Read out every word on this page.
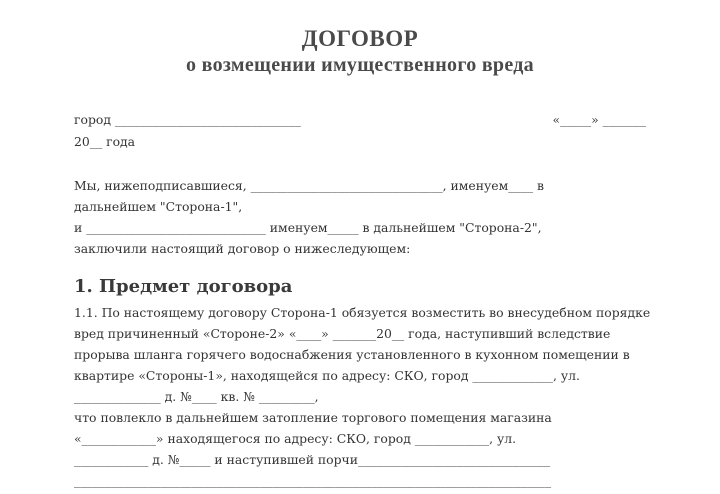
ДОГОВОР
о возмещении имущественного вреда
город ______________________________	«_____» _______
20__ года
Мы, нижеподписавшиеся, _______________________________, именуем____ в
дальнейшем "Сторона-1",
и _____________________________ именуем_____ в дальнейшем "Сторона-2",
заключили настоящий договор о нижеследующем:
1. Предмет договора
1.1. По настоящему договору Сторона-1 обязуется возместить во внесудебном порядке
вред причиненный «Стороне-2» «____» _______20__ года, наступивший вследствие
прорыва шланга горячего водоснабжения установленного в кухонном помещении в
квартире «Стороны-1», находящейся по адресу: СКО, город _____________, ул.
______________ д. №____ кв. № _________,
что повлекло в дальнейшем затопление торгового помещения магазина
«____________» находящегося по адресу: СКО, город ____________, ул.
____________ д. №_____ и наступившей порчи_______________________________
_____________________________________________________________________________
